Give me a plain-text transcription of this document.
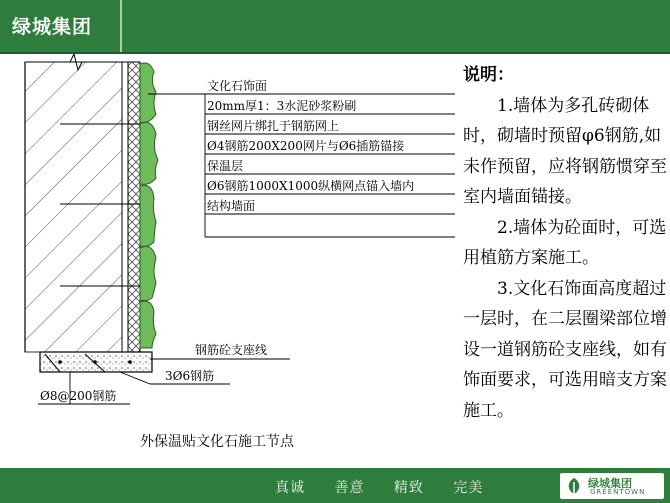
绿城集团
文化石饰面
20mm厚1：3水泥砂浆粉刷
钢丝网片绑扎于钢筋网上
Ø4钢筋200X200网片与Ø6插筋锚接
保温层
Ø6钢筋1000X1000纵横网点锚入墙内
结构墙面
钢筋砼支座线
3Ø6钢筋
Ø8@200钢筋
外保温贴文化石施工节点
说明：

1.墙体为多孔砖砌体时，砌墙时预留φ6钢筋,如未作预留，应将钢筋惯穿至室内墙面锚接。

2.墙体为砼面时，可选用植筋方案施工。

3.文化石饰面高度超过一层时，在二层圈梁部位增设一道钢筋砼支座线，如有饰面要求，可选用暗支方案施工。

真诚 善意 精致 完美	绿城集团
GREENTOWN
